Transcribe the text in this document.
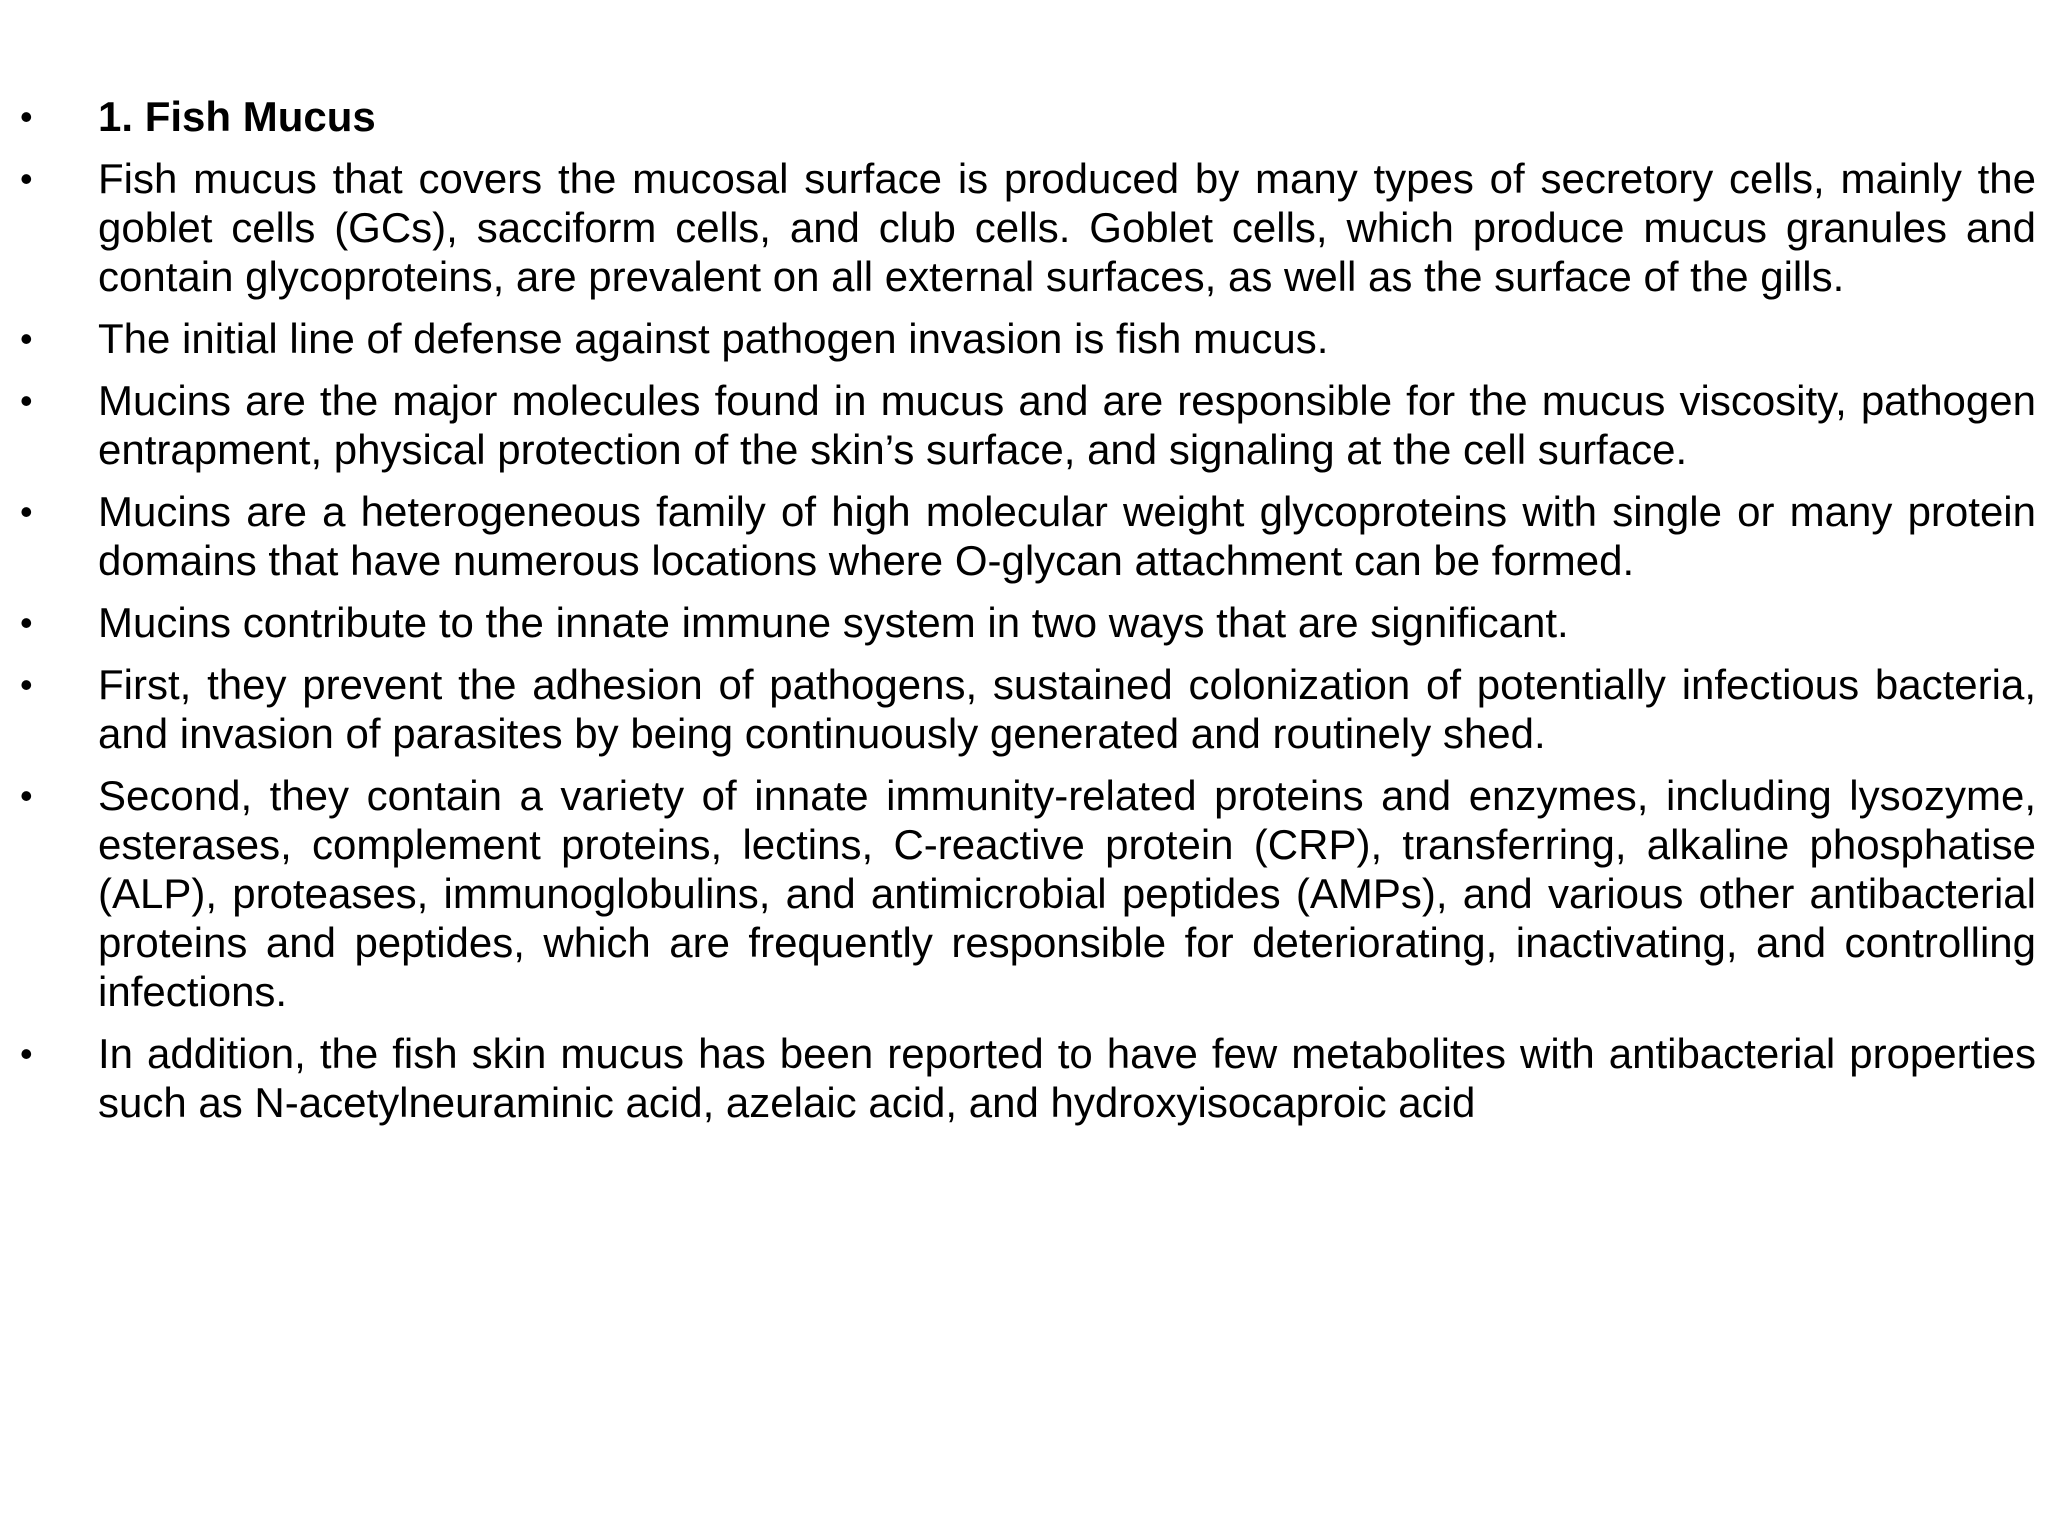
•	1. Fish Mucus
•	Fish mucus that covers the mucosal surface is produced by many types of secretory cells, mainly the goblet cells (GCs), sacciform cells, and club cells. Goblet cells, which produce mucus granules and contain glycoproteins, are prevalent on all external surfaces, as well as the surface of the gills.
•	The initial line of defense against pathogen invasion is fish mucus.
•	Mucins are the major molecules found in mucus and are responsible for the mucus viscosity, pathogen entrapment, physical protection of the skin’s surface, and signaling at the cell surface.
•	Mucins are a heterogeneous family of high molecular weight glycoproteins with single or many protein domains that have numerous locations where O-glycan attachment can be formed.
•	Mucins contribute to the innate immune system in two ways that are significant.
•	First, they prevent the adhesion of pathogens, sustained colonization of potentially infectious bacteria, and invasion of parasites by being continuously generated and routinely shed.
•	Second, they contain a variety of innate immunity-related proteins and enzymes, including lysozyme, esterases, complement proteins, lectins, C-reactive protein (CRP), transferring, alkaline phosphatise (ALP), proteases, immunoglobulins, and antimicrobial peptides (AMPs), and various other antibacterial proteins and peptides, which are frequently responsible for deteriorating, inactivating, and controlling infections.
•	In addition, the fish skin mucus has been reported to have few metabolites with antibacterial properties such as N-acetylneuraminic acid, azelaic acid, and hydroxyisocaproic acid
